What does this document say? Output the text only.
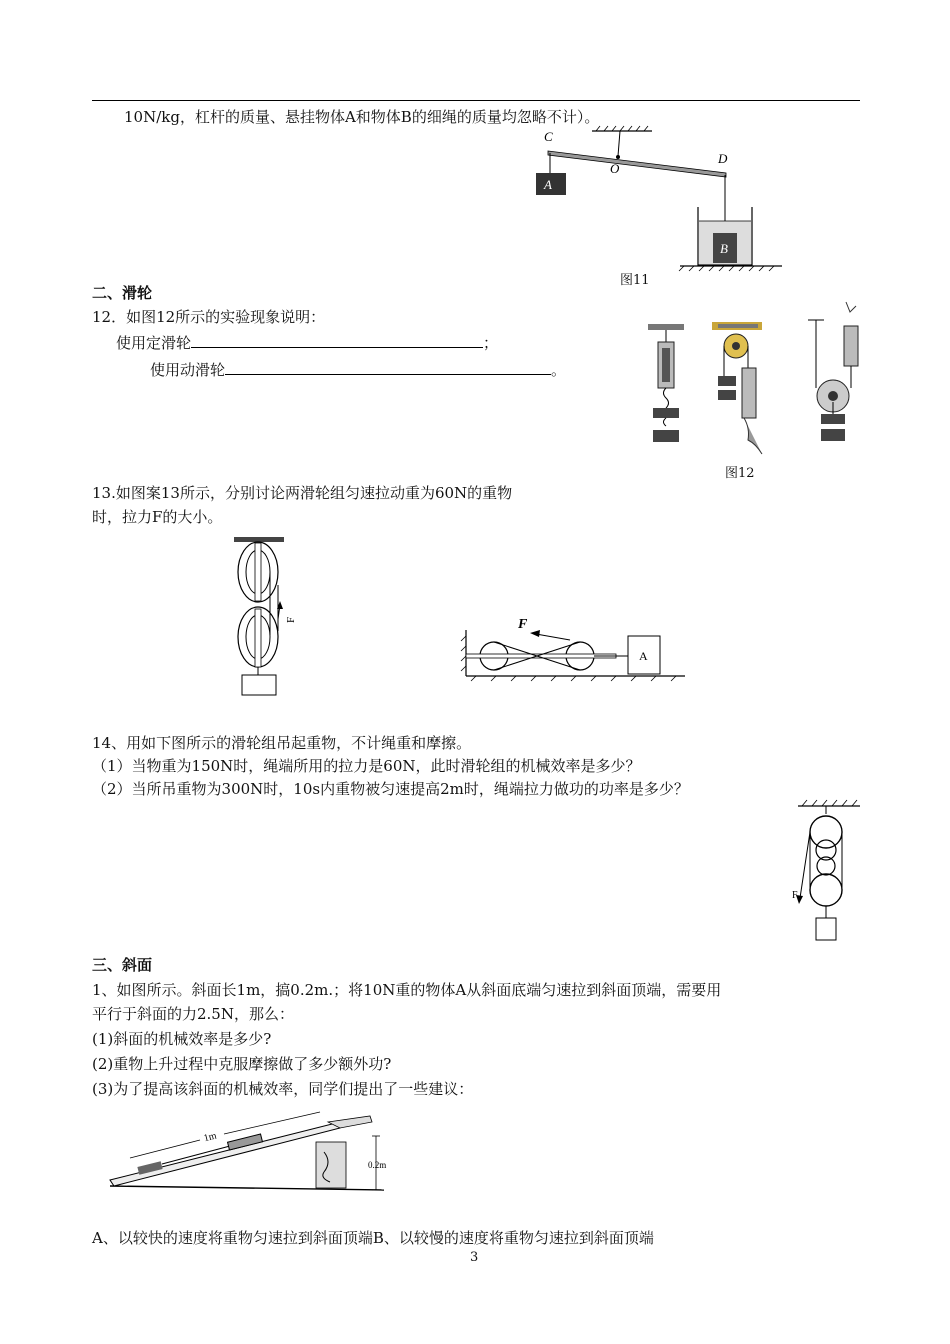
10N/kg，杠杆的质量、悬挂物体A和物体B的细绳的质量均忽略不计）。
C
O
D
A
B
图11
二、滑轮
12．如图12所示的实验现象说明：
使用定滑轮	；
使用动滑轮	。
图12
13.如图案13所示，分别讨论两滑轮组匀速拉动重为60N的重物
时，拉力F的大小。
F	F
A
14、用如下图所示的滑轮组吊起重物，不计绳重和摩擦。
（1）当物重为150N时，绳端所用的拉力是60N，此时滑轮组的机械效率是多少？
（2）当所吊重物为300N时，10s内重物被匀速提高2m时，绳端拉力做功的功率是多少？
F
三、斜面
1、如图所示。斜面长1m，搞0.2m.；将10N重的物体A从斜面底端匀速拉到斜面顶端，需要用
平行于斜面的力2.5N，那么：
(1)斜面的机械效率是多少?
(2)重物上升过程中克服摩擦做了多少额外功?
(3)为了提高该斜面的机械效率，同学们提出了一些建议：
1m
0.2m
A、以较快的速度将重物匀速拉到斜面顶端B、以较慢的速度将重物匀速拉到斜面顶端
3
